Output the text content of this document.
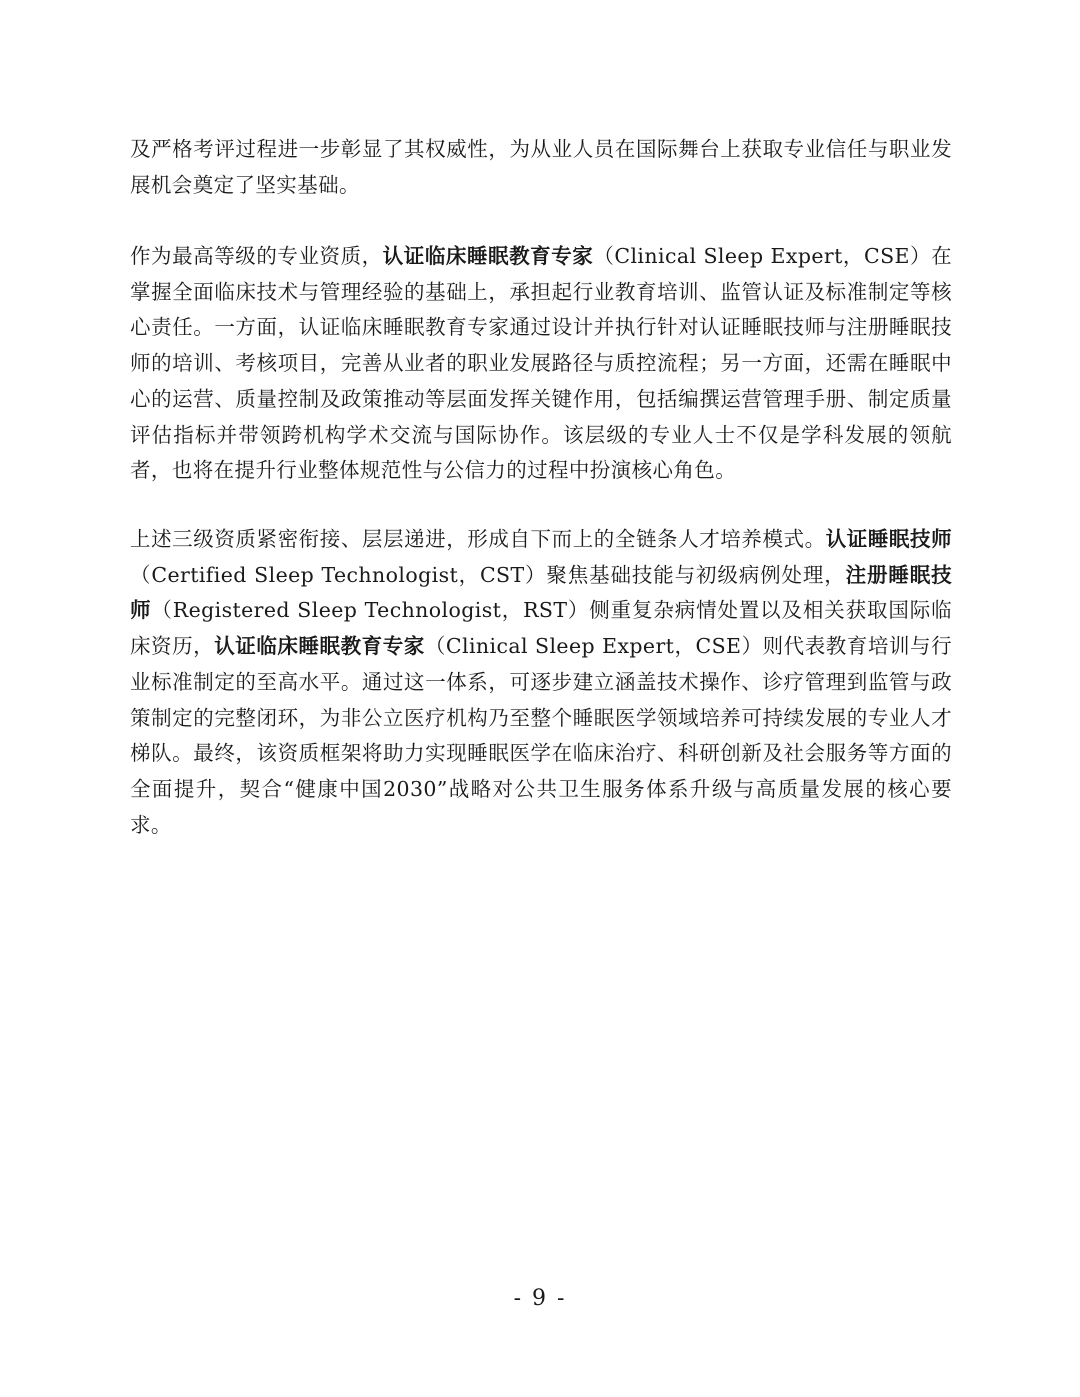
及严格考评过程进一步彰显了其权威性，为从业人员在国际舞台上获取专业信任与职业发展机会奠定了坚实基础。

作为最高等级的专业资质，认证临床睡眠教育专家（Clinical Sleep Expert，CSE）在掌握全面临床技术与管理经验的基础上，承担起行业教育培训、监管认证及标准制定等核心责任。一方面，认证临床睡眠教育专家通过设计并执行针对认证睡眠技师与注册睡眠技师的培训、考核项目，完善从业者的职业发展路径与质控流程；另一方面，还需在睡眠中心的运营、质量控制及政策推动等层面发挥关键作用，包括编撰运营管理手册、制定质量评估指标并带领跨机构学术交流与国际协作。该层级的专业人士不仅是学科发展的领航者，也将在提升行业整体规范性与公信力的过程中扮演核心角色。

上述三级资质紧密衔接、层层递进，形成自下而上的全链条人才培养模式。认证睡眠技师（Certified Sleep Technologist，CST）聚焦基础技能与初级病例处理，注册睡眠技师（Registered Sleep Technologist，RST）侧重复杂病情处置以及相关获取国际临床资历，认证临床睡眠教育专家（Clinical Sleep Expert，CSE）则代表教育培训与行业标准制定的至高水平。通过这一体系，可逐步建立涵盖技术操作、诊疗管理到监管与政策制定的完整闭环，为非公立医疗机构乃至整个睡眠医学领域培养可持续发展的专业人才梯队。最终，该资质框架将助力实现睡眠医学在临床治疗、科研创新及社会服务等方面的全面提升，契合“健康中国2030”战略对公共卫生服务体系升级与高质量发展的核心要求。

- 9 -
